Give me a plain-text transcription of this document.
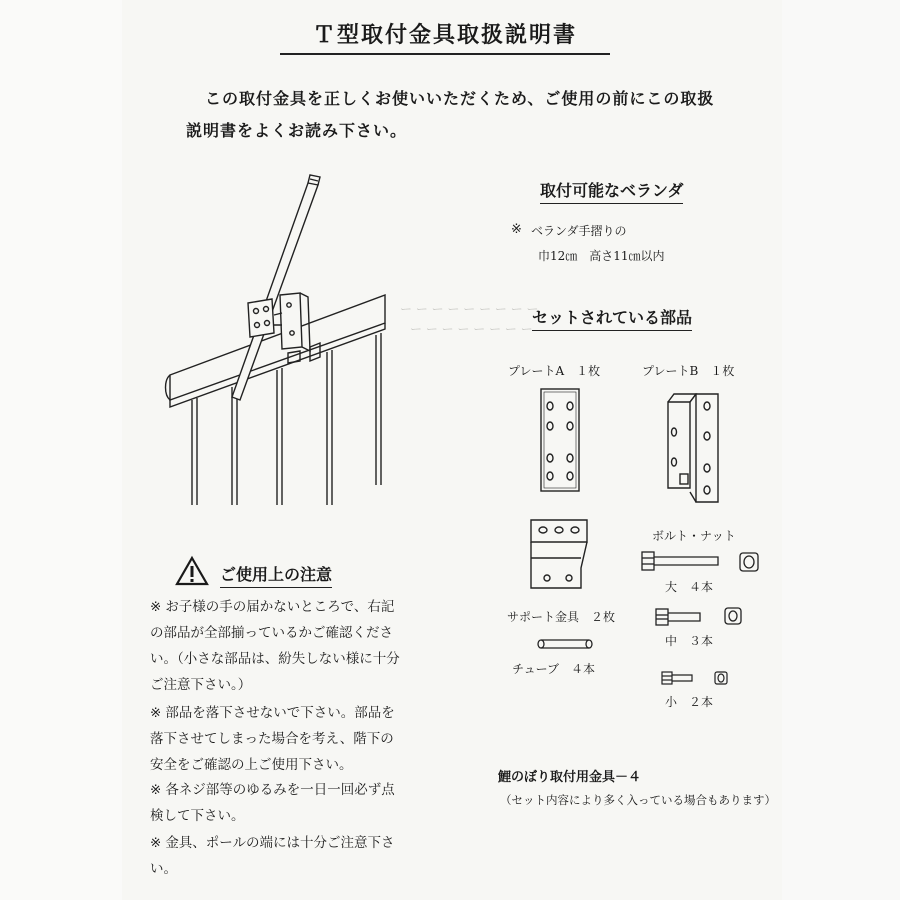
ー ー ー ー ー ー ー ー ー
ー ー ー ー ー ー ー ー
Ｔ型取付金具取扱説明書
この取付金具を正しくお使いいただくため、ご使用の前にこの取扱
説明書をよくお読み下さい。
取付可能なベランダ
※ ベランダ手摺りの
巾12㎝　高さ11㎝以内
セットされている部品
プレートA　１枚	プレートB　１枚
サポート金具　２枚
チューブ　４本
ボルト・ナット
大　４本
中　３本
小　２本
ご使用上の注意
※ お子様の手の届かないところで、右記の部品が全部揃っているかご確認ください。（小さな部品は、紛失しない様に十分ご注意下さい。）
※ 部品を落下させないで下さい。部品を落下させてしまった場合を考え、階下の安全をご確認の上ご使用下さい。
※ 各ネジ部等のゆるみを一日一回必ず点検して下さい。
※ 金具、ポールの端には十分ご注意下さい。
鯉のぼり取付用金具－４
（セット内容により多く入っている場合もあります）
